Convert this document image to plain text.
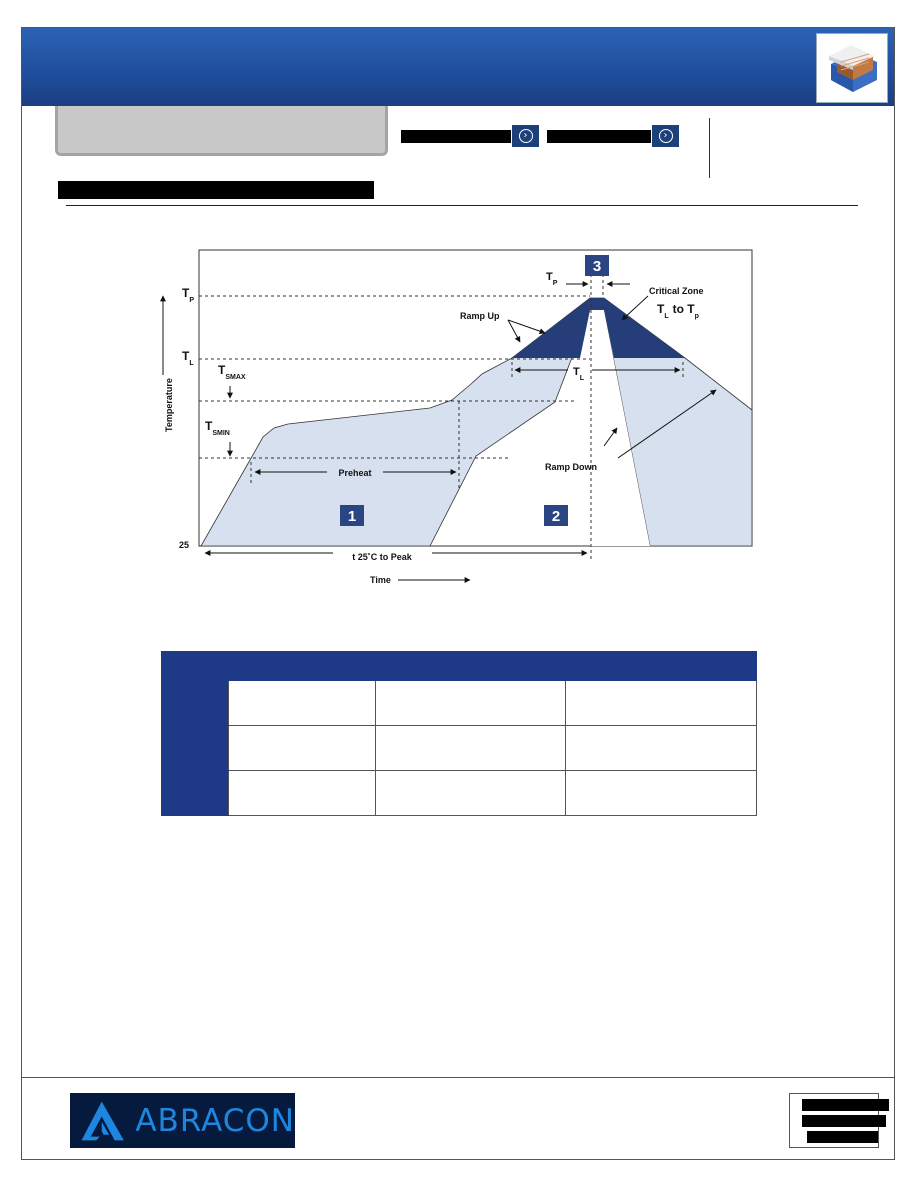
›	›
$T_P$
$T_L$ $T_{SMAX}$
$T_{SMIN}$
25
Temperature
Time
Preheat
t 25˚C to Peak
Ramp Up
Ramp Down
Critical Zone
$T_Lto$ $T_p$
$T_P$
$T_L$
1	2
3

ABRACON
